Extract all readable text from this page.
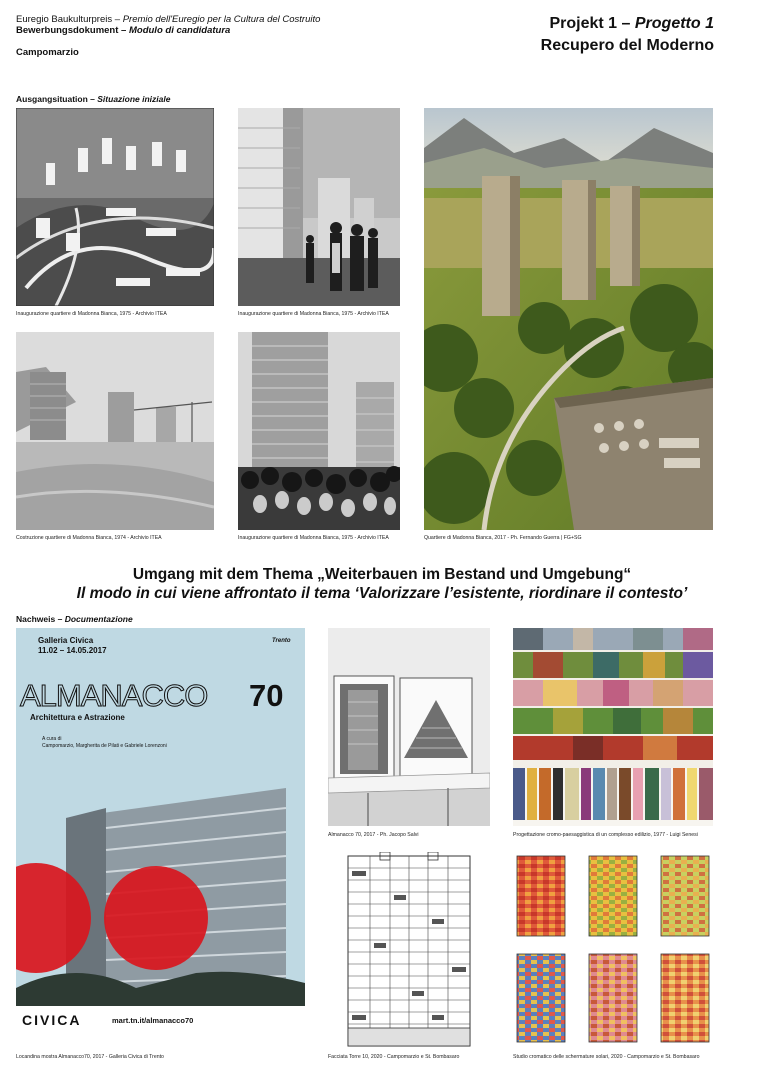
Euregio Baukulturpreis – Premio dell'Euregio per la Cultura del Costruito
Bewerbungsdokument – Modulo di candidatura
Campomarzio
Projekt 1 – Progetto 1
Recupero del Moderno
Ausgangsituation – Situazione iniziale
Inaugurazione quartiere di Madonna Bianca, 1975 - Archivio ITEA	Inaugurazione quartiere di Madonna Bianca, 1975 - Archivio ITEA
Costruzione quartiere di Madonna Bianca, 1974 - Archivio ITEA	Inaugurazione quartiere di Madonna Bianca, 1975 - Archivio ITEA	Quartiere di Madonna Bianca, 2017 - Ph. Fernando Guerra | FG+SG
Umgang mit dem Thema „Weiterbauen im Bestand und Umgebung“
Il modo in cui viene affrontato il tema ‘Valorizzare l’esistente, riordinare il contesto’
Nachweis – Documentazione
Galleria Civica
11.02 – 14.05.2017
Trento
ALMANACCO 70
Architettura e Astrazione
A cura di
Campomarzio, Margherita de Pilati e Gabriele Lorenzoni
CIVICA	mart.tn.it/almanacco70
Locandina mostra Almanacco70, 2017 - Galleria Civica di Trento
Almanacco 70, 2017 - Ph. Jacopo Salvi	Progettazione cromo-paesaggistica di un complesso edilizio, 1977 - Luigi Senesi
Facciata Torre 10, 2020 - Campomarzio e St. Bombasaro	Studio cromatico delle schermature solari, 2020 - Campomarzio e St. Bombasaro
